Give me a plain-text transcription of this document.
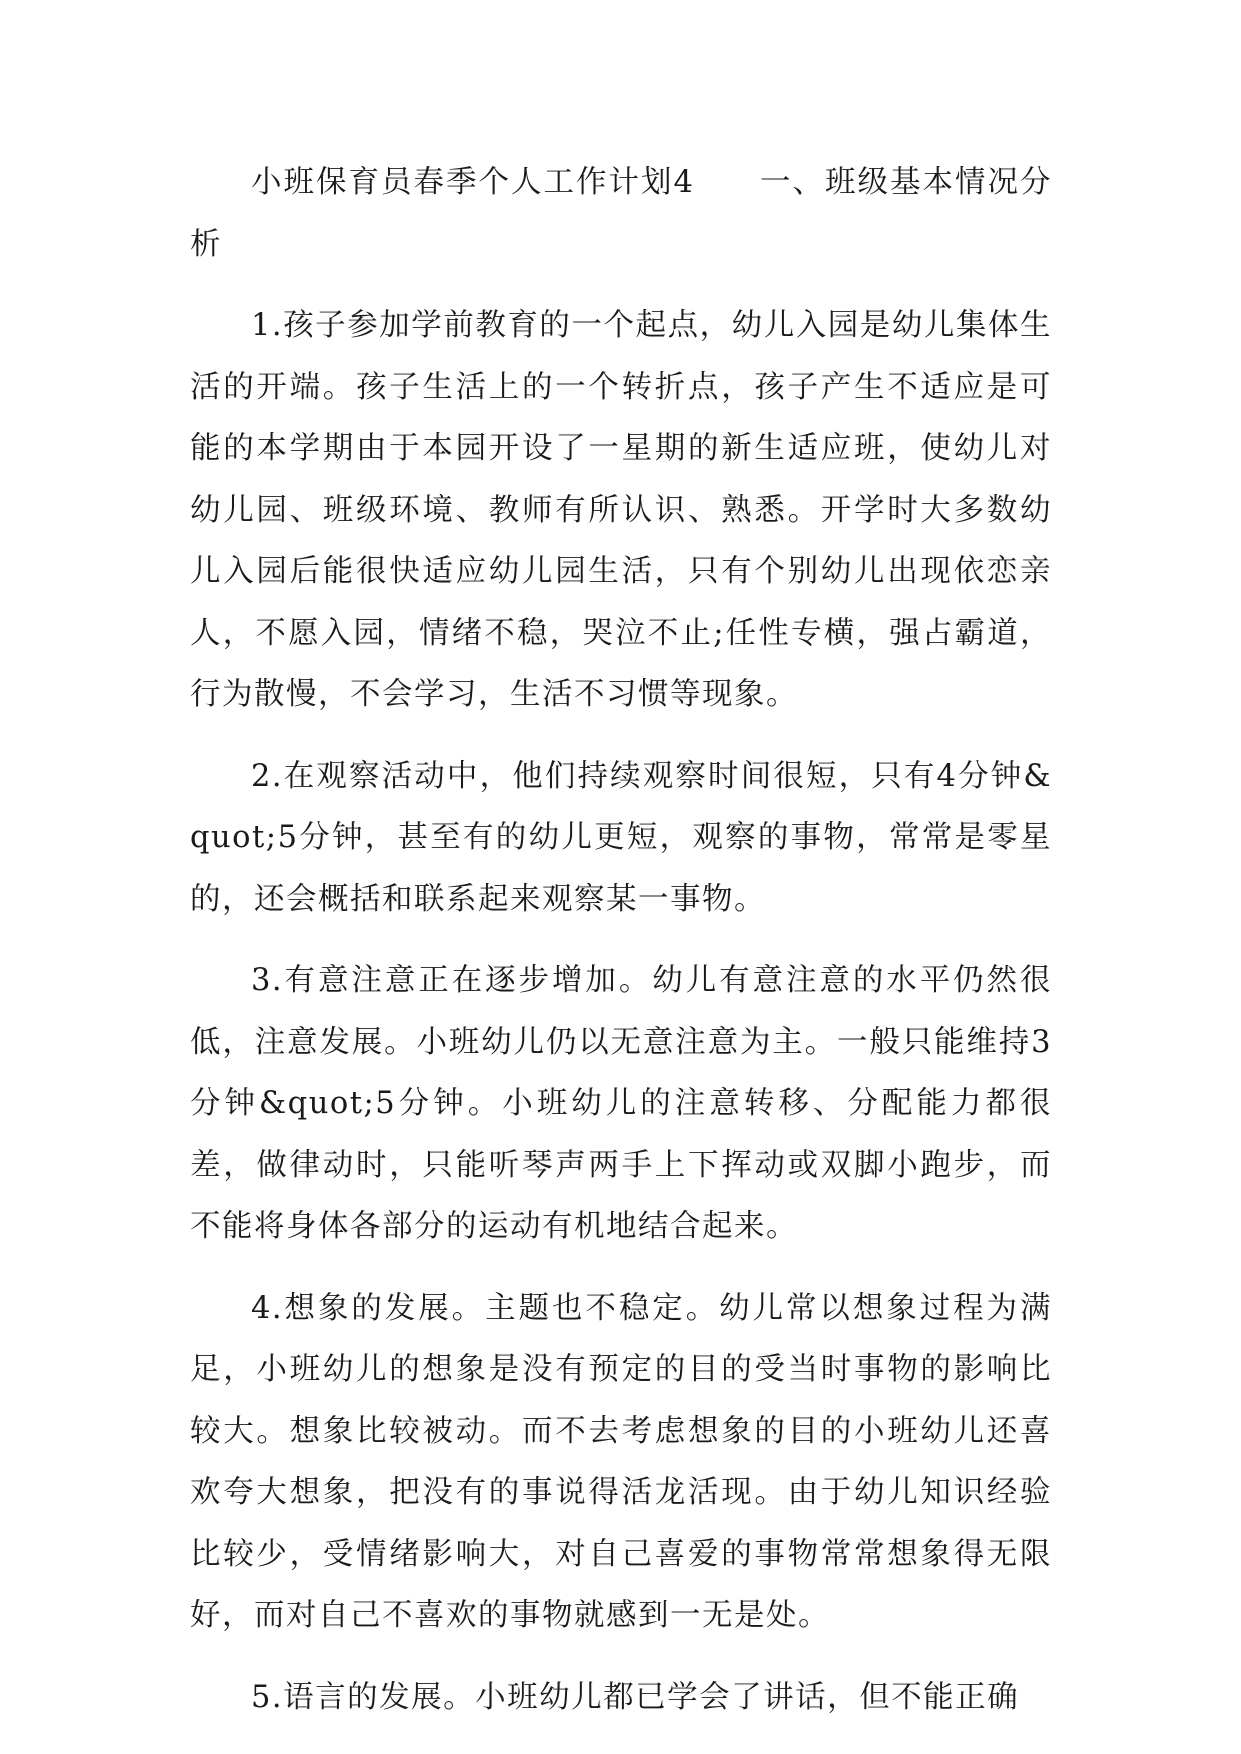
小班保育员春季个人工作计划4　　一、班级基本情况分析

1.孩子参加学前教育的一个起点，幼儿入园是幼儿集体生活的开端。孩子生活上的一个转折点，孩子产生不适应是可能的本学期由于本园开设了一星期的新生适应班，使幼儿对幼儿园、班级环境、教师有所认识、熟悉。开学时大多数幼儿入园后能很快适应幼儿园生活，只有个别幼儿出现依恋亲人，不愿入园，情绪不稳，哭泣不止;任性专横，强占霸道，行为散慢，不会学习，生活不习惯等现象。

2.在观察活动中，他们持续观察时间很短，只有4分钟&quot;5分钟，甚至有的幼儿更短，观察的事物，常常是零星的，还会概括和联系起来观察某一事物。

3.有意注意正在逐步增加。幼儿有意注意的水平仍然很低，注意发展。小班幼儿仍以无意注意为主。一般只能维持3分钟&quot;5分钟。小班幼儿的注意转移、分配能力都很差，做律动时，只能听琴声两手上下挥动或双脚小跑步，而不能将身体各部分的运动有机地结合起来。

4.想象的发展。主题也不稳定。幼儿常以想象过程为满足，小班幼儿的想象是没有预定的目的受当时事物的影响比较大。想象比较被动。而不去考虑想象的目的小班幼儿还喜欢夸大想象，把没有的事说得活龙活现。由于幼儿知识经验比较少，受情绪影响大，对自己喜爱的事物常常想象得无限好，而对自己不喜欢的事物就感到一无是处。

5.语言的发展。小班幼儿都已学会了讲话，但不能正确
